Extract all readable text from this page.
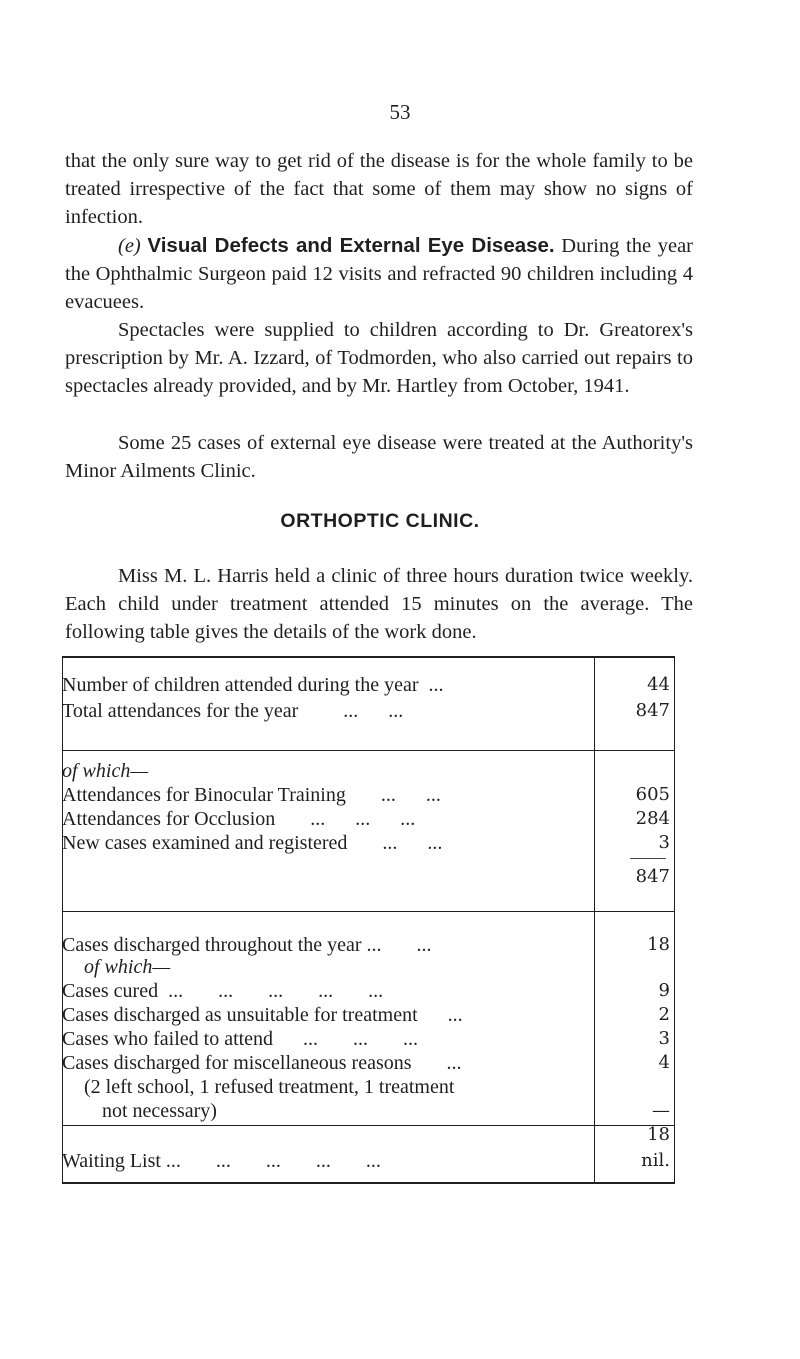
53
that the only sure way to get rid of the disease is for the whole family to be treated irrespective of the fact that some of them may show no signs of infection.
(e) Visual Defects and External Eye Disease. During the year the Ophthalmic Surgeon paid 12 visits and refracted 90 children including 4 evacuees.
Spectacles were supplied to children according to Dr. Greatorex's prescription by Mr. A. Izzard, of Todmorden, who also carried out repairs to spectacles already provided, and by Mr. Hartley from October, 1941.
Some 25 cases of external eye disease were treated at the Authority's Minor Ailments Clinic.
ORTHOPTIC CLINIC.
Miss M. L. Harris held a clinic of three hours duration twice weekly. Each child under treatment attended 15 minutes on the average. The following table gives the details of the work done.
Number of children attended during the year  ...	44
Total attendances for the year         ...      ...	847
of which—
Attendances for Binocular Training       ...      ...	605
Attendances for Occlusion       ...      ...      ...	284
New cases examined and registered       ...      ...	3
847
Cases discharged throughout the year ...       ...	18
of which—
Cases cured  ...       ...       ...       ...       ...	9
Cases discharged as unsuitable for treatment      ...	2
Cases who failed to attend      ...       ...       ...	3
Cases discharged for miscellaneous reasons       ...	4
(2 left school, 1 refused treatment, 1 treatment
not necessary)	—
18
Waiting List ...       ...       ...       ...       ...	nil.
